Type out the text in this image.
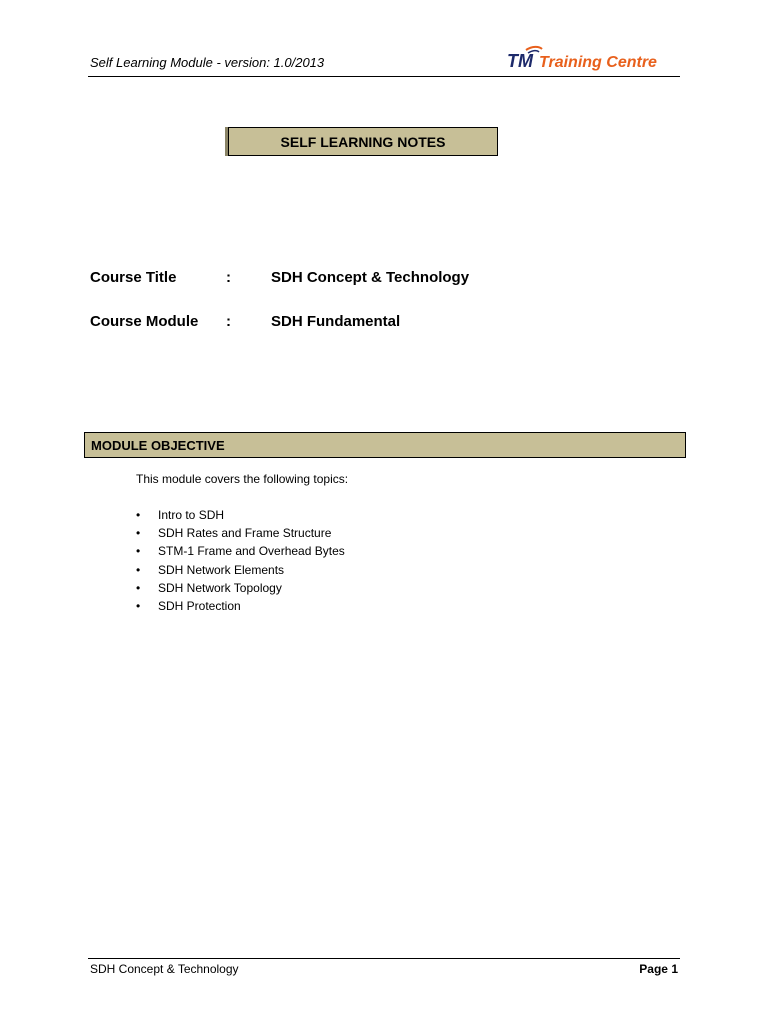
Self Learning Module - version: 1.0/2013	TM Training Centre
SELF LEARNING NOTES
Course Title	:	SDH Concept & Technology
Course Module	:	SDH Fundamental
MODULE OBJECTIVE
This module covers the following topics:
• Intro to SDH
• SDH Rates and Frame Structure
• STM-1 Frame and Overhead Bytes
• SDH Network Elements
• SDH Network Topology
• SDH Protection
SDH Concept & Technology	Page 1
